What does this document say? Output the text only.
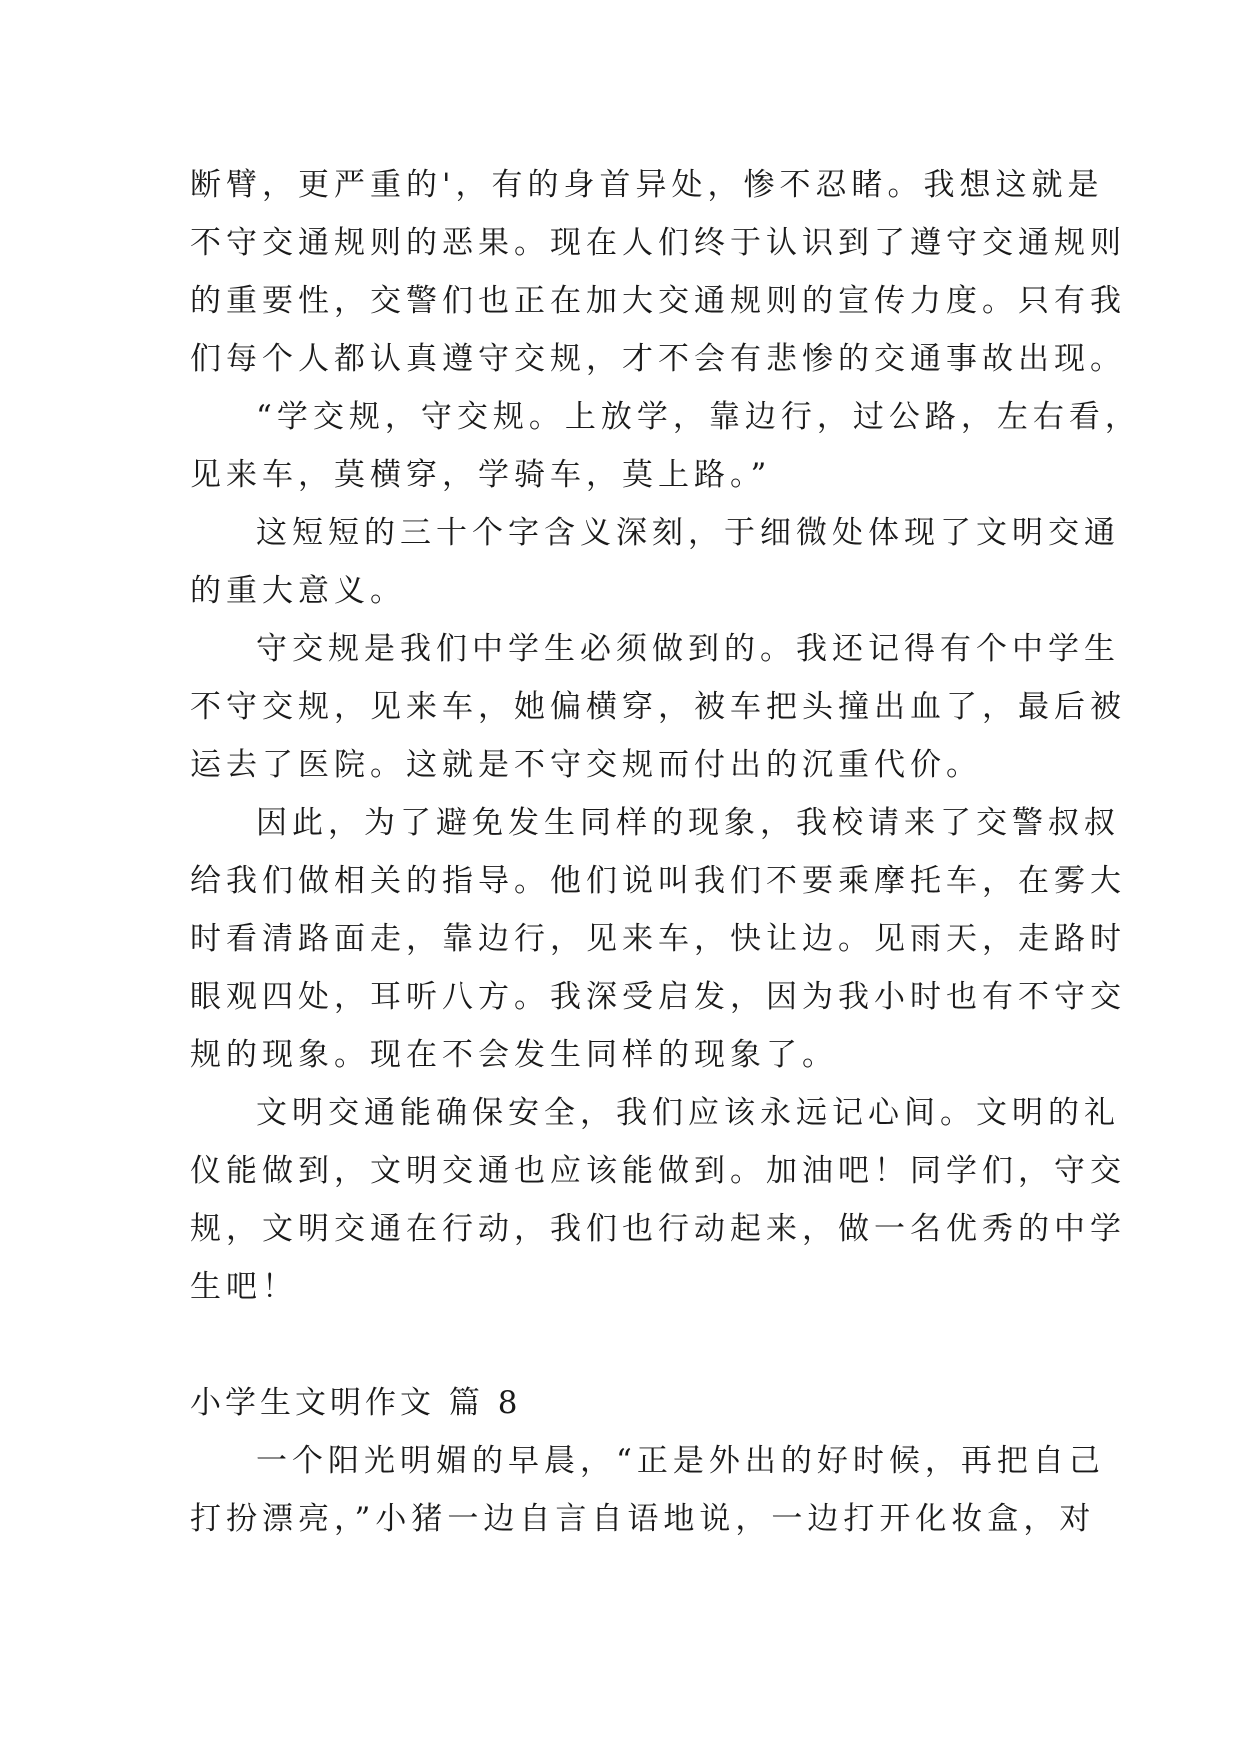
断臂，更严重的'，有的身首异处，惨不忍睹。我想这就是
不守交通规则的恶果。现在人们终于认识到了遵守交通规则
的重要性，交警们也正在加大交通规则的宣传力度。只有我
们每个人都认真遵守交规，才不会有悲惨的交通事故出现。
“学交规，守交规。上放学，靠边行，过公路，左右看，
见来车，莫横穿，学骑车，莫上路。”
这短短的三十个字含义深刻，于细微处体现了文明交通
的重大意义。
守交规是我们中学生必须做到的。我还记得有个中学生
不守交规，见来车，她偏横穿，被车把头撞出血了，最后被
运去了医院。这就是不守交规而付出的沉重代价。
因此，为了避免发生同样的现象，我校请来了交警叔叔
给我们做相关的指导。他们说叫我们不要乘摩托车，在雾大
时看清路面走，靠边行，见来车，快让边。见雨天，走路时
眼观四处，耳听八方。我深受启发，因为我小时也有不守交
规的现象。现在不会发生同样的现象了。
文明交通能确保安全，我们应该永远记心间。文明的礼
仪能做到，文明交通也应该能做到。加油吧！同学们，守交
规，文明交通在行动，我们也行动起来，做一名优秀的中学
生吧！
小学生文明作文 篇 8
一个阳光明媚的早晨，“正是外出的好时候，再把自己
打扮漂亮，”小猪一边自言自语地说，一边打开化妆盒，对
